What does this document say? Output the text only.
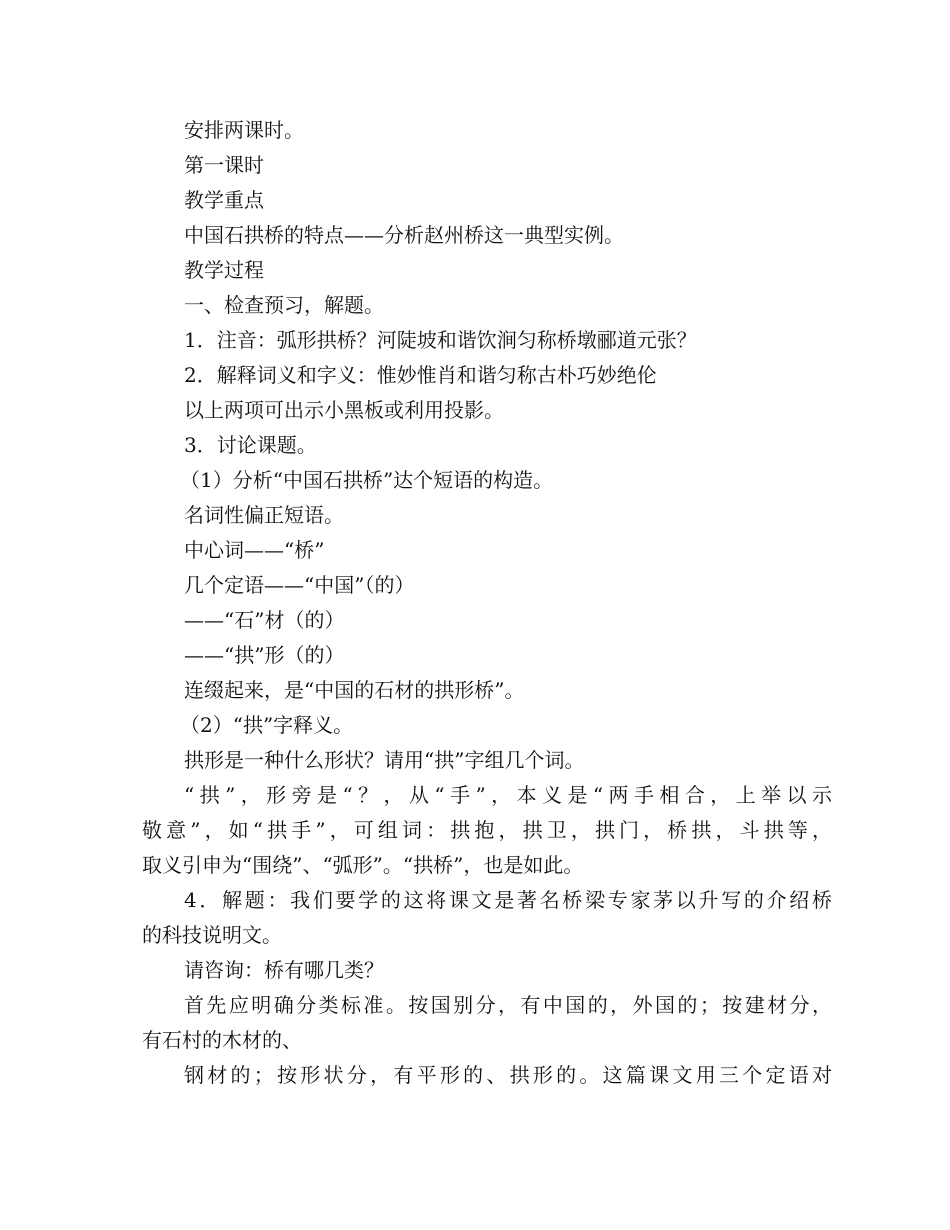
安排两课时。
第一课时
教学重点
中国石拱桥的特点——分析赵州桥这一典型实例。
教学过程
一、检查预习，解题。
1．注音：弧形拱桥？河陡坡和谐饮涧匀称桥墩郦道元张？
2．解释词义和字义：惟妙惟肖和谐匀称古朴巧妙绝伦
以上两项可出示小黑板或利用投影。
3．讨论课题。
（1）分析“中国石拱桥”达个短语的构造。
名词性偏正短语。
中心词——“桥”
几个定语——“中国”（的）
——“石”材（的）
——“拱”形（的）
连缀起来，是“中国的石材的拱形桥”。
（2）“拱”字释义。
拱形是一种什么形状？请用“拱”字组几个词。
“拱”，形旁是“？，从“手”，本义是“两手相合，上举以示
敬意”，如“拱手”，可组词：拱抱，拱卫，拱门，桥拱，斗拱等，
取义引申为“围绕”、“弧形”。“拱桥”，也是如此。
4．解题：我们要学的这将课文是著名桥梁专家茅以升写的介绍桥
的科技说明文。
请咨询：桥有哪几类？
首先应明确分类标准。按国别分，有中国的，外国的；按建材分，
有石村的木材的、
钢材的；按形状分，有平形的、拱形的。这篇课文用三个定语对
